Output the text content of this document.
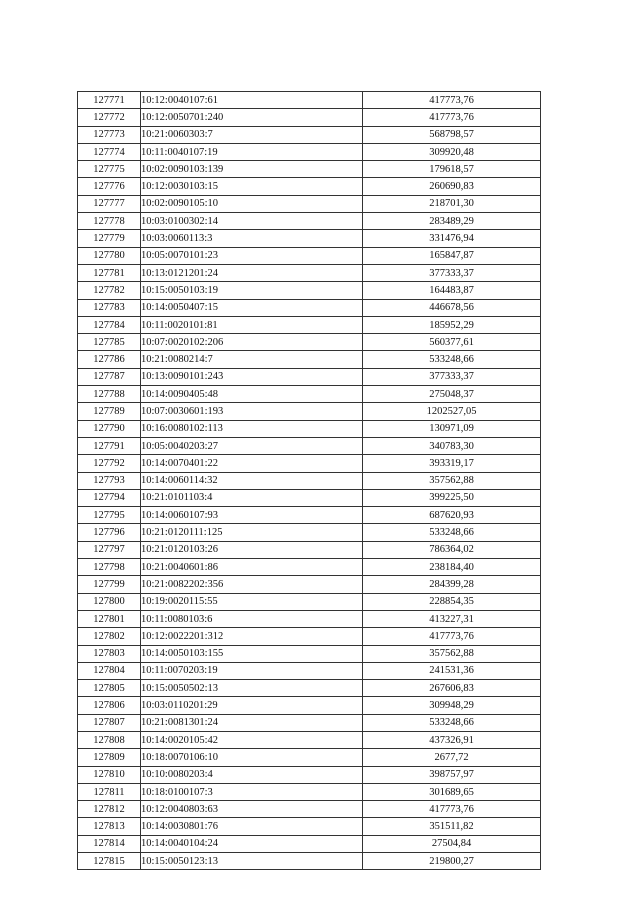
127771	10:12:0040107:61	417773,76
127772	10:12:0050701:240	417773,76
127773	10:21:0060303:7	568798,57
127774	10:11:0040107:19	309920,48
127775	10:02:0090103:139	179618,57
127776	10:12:0030103:15	260690,83
127777	10:02:0090105:10	218701,30
127778	10:03:0100302:14	283489,29
127779	10:03:0060113:3	331476,94
127780	10:05:0070101:23	165847,87
127781	10:13:0121201:24	377333,37
127782	10:15:0050103:19	164483,87
127783	10:14:0050407:15	446678,56
127784	10:11:0020101:81	185952,29
127785	10:07:0020102:206	560377,61
127786	10:21:0080214:7	533248,66
127787	10:13:0090101:243	377333,37
127788	10:14:0090405:48	275048,37
127789	10:07:0030601:193	1202527,05
127790	10:16:0080102:113	130971,09
127791	10:05:0040203:27	340783,30
127792	10:14:0070401:22	393319,17
127793	10:14:0060114:32	357562,88
127794	10:21:0101103:4	399225,50
127795	10:14:0060107:93	687620,93
127796	10:21:0120111:125	533248,66
127797	10:21:0120103:26	786364,02
127798	10:21:0040601:86	238184,40
127799	10:21:0082202:356	284399,28
127800	10:19:0020115:55	228854,35
127801	10:11:0080103:6	413227,31
127802	10:12:0022201:312	417773,76
127803	10:14:0050103:155	357562,88
127804	10:11:0070203:19	241531,36
127805	10:15:0050502:13	267606,83
127806	10:03:0110201:29	309948,29
127807	10:21:0081301:24	533248,66
127808	10:14:0020105:42	437326,91
127809	10:18:0070106:10	2677,72
127810	10:10:0080203:4	398757,97
127811	10:18:0100107:3	301689,65
127812	10:12:0040803:63	417773,76
127813	10:14:0030801:76	351511,82
127814	10:14:0040104:24	27504,84
127815	10:15:0050123:13	219800,27
